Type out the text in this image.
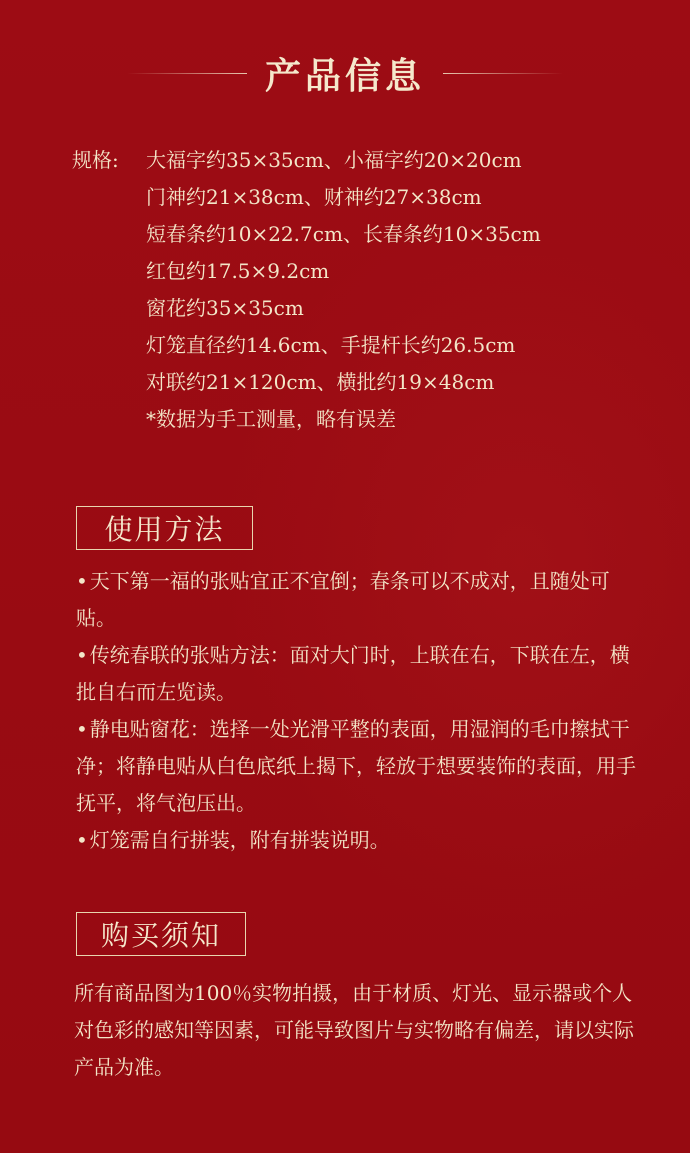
产品信息
规格: 大福字约35×35cm、小福字约20×20cm
门神约21×38cm、财神约27×38cm
短春条约10×22.7cm、长春条约10×35cm
红包约17.5×9.2cm
窗花约35×35cm
灯笼直径约14.6cm、手提杆长约26.5cm
对联约21×120cm、横批约19×48cm
*数据为手工测量，略有误差
使用方法

• 天下第一福的张贴宜正不宜倒；春条可以不成对，且随处可贴。

• 传统春联的张贴方法：面对大门时，上联在右，下联在左，横批自右而左览读。

• 静电贴窗花：选择一处光滑平整的表面，用湿润的毛巾擦拭干净；将静电贴从白色底纸上揭下，轻放于想要装饰的表面，用手抚平，将气泡压出。

• 灯笼需自行拼装，附有拼装说明。

购买须知

所有商品图为100％实物拍摄，由于材质、灯光、显示器或个人对色彩的感知等因素，可能导致图片与实物略有偏差，请以实际产品为准。
